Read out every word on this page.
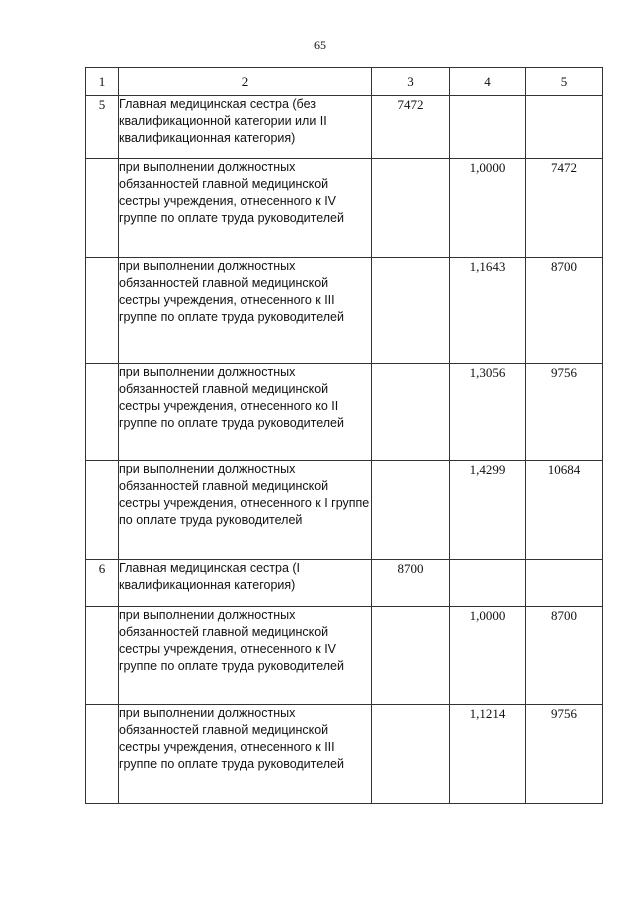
65
1	2	3	4	5
5	Главная медицинская сестра (без квалификационной категории или II квалификационная категория)	7472		
	при выполнении должностных обязанностей главной медицинской сестры учреждения, отнесенного к IV группе по оплате труда руководителей		1,0000	7472
	при выполнении должностных обязанностей главной медицинской сестры учреждения, отнесенного к III группе по оплате труда руководителей		1,1643	8700
	при выполнении должностных обязанностей главной медицинской сестры учреждения, отнесенного ко II группе по оплате труда руководителей		1,3056	9756
	при выполнении должностных обязанностей главной медицинской сестры учреждения, отнесенного к I группе по оплате труда руководителей		1,4299	10684
6	Главная медицинская сестра (I квалификационная категория)	8700		
	при выполнении должностных обязанностей главной медицинской сестры учреждения, отнесенного к IV группе по оплате труда руководителей		1,0000	8700
	при выполнении должностных обязанностей главной медицинской сестры учреждения, отнесенного к III группе по оплате труда руководителей		1,1214	9756
